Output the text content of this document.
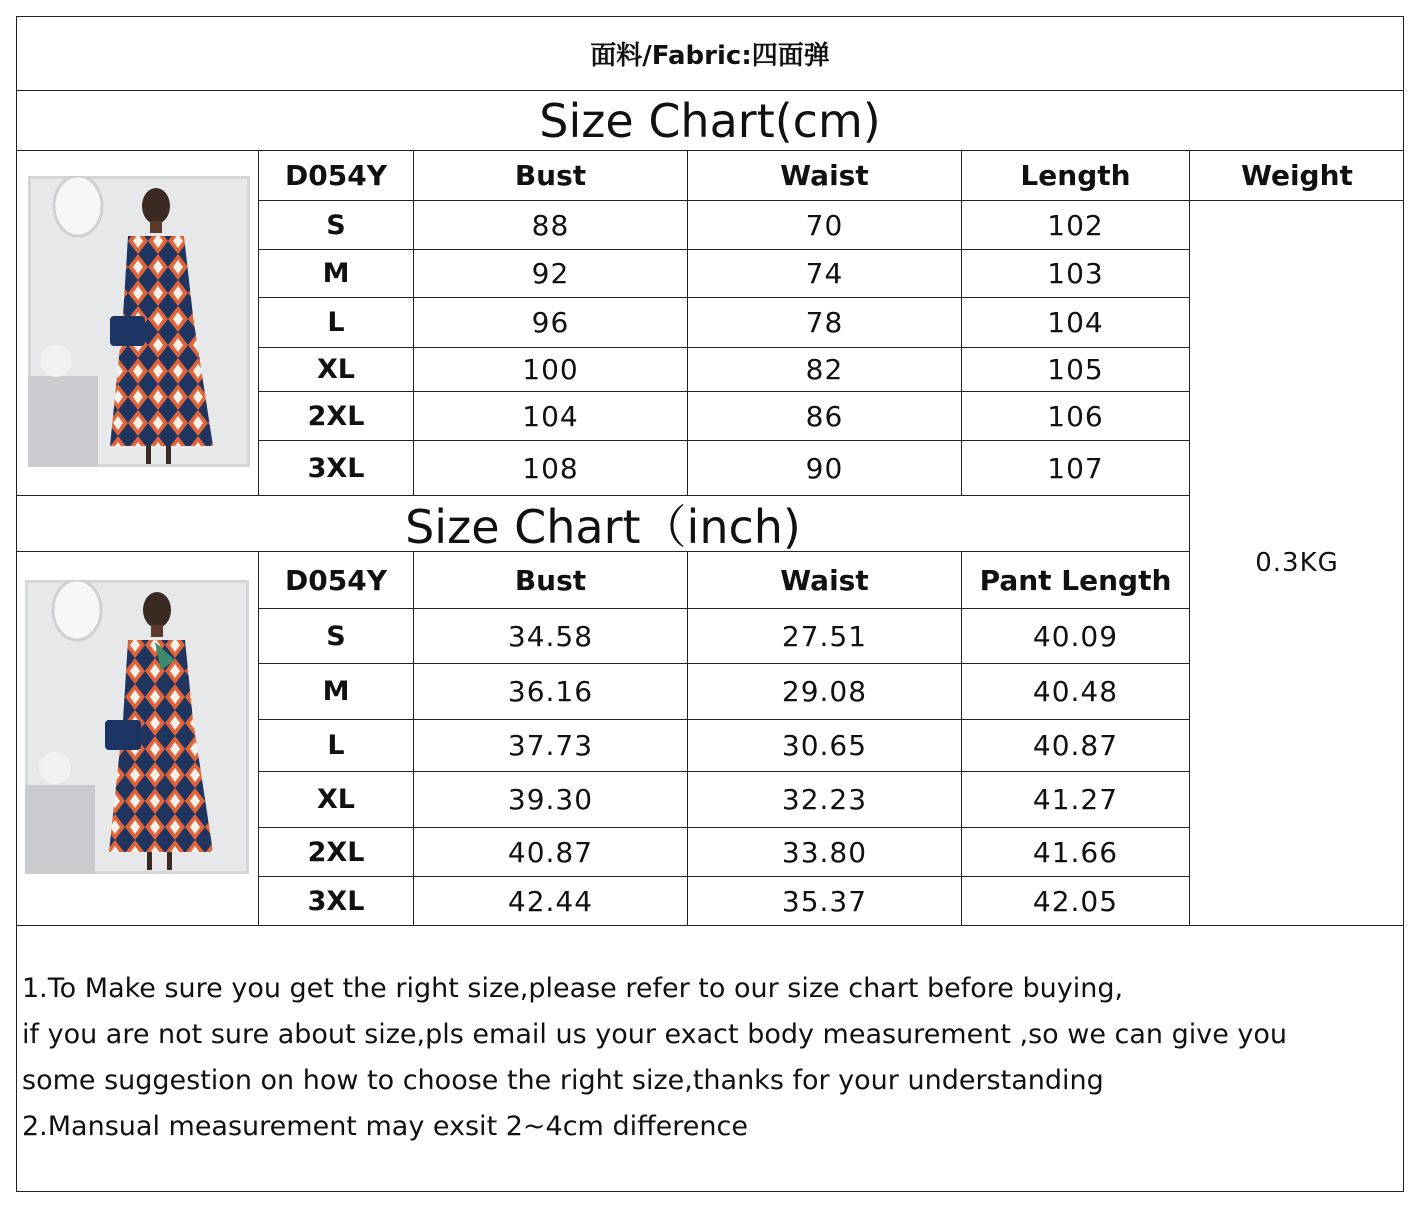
面料/Fabric:四面弹
Size Chart(cm)
D054Y	Bust	Waist	Length	Weight
S	88	70	102
M	92	74	103
L	96	78	104
XL	100	82	105
2XL	104	86	106
3XL	108	90	107
Size Chart（inch)
D054Y	Bust	Waist	Pant Length
S	34.58	27.51	40.09
M	36.16	29.08	40.48
L	37.73	30.65	40.87
XL	39.30	32.23	41.27
2XL	40.87	33.80	41.66
3XL	42.44	35.37	42.05
0.3KG
1.To Make sure you get the right size,please refer to our size chart before buying,
if you are not sure about size,pls email us your exact body measurement ,so we can give you
some suggestion on how to choose the right size,thanks for your understanding
2.Mansual measurement may exsit 2~4cm difference
